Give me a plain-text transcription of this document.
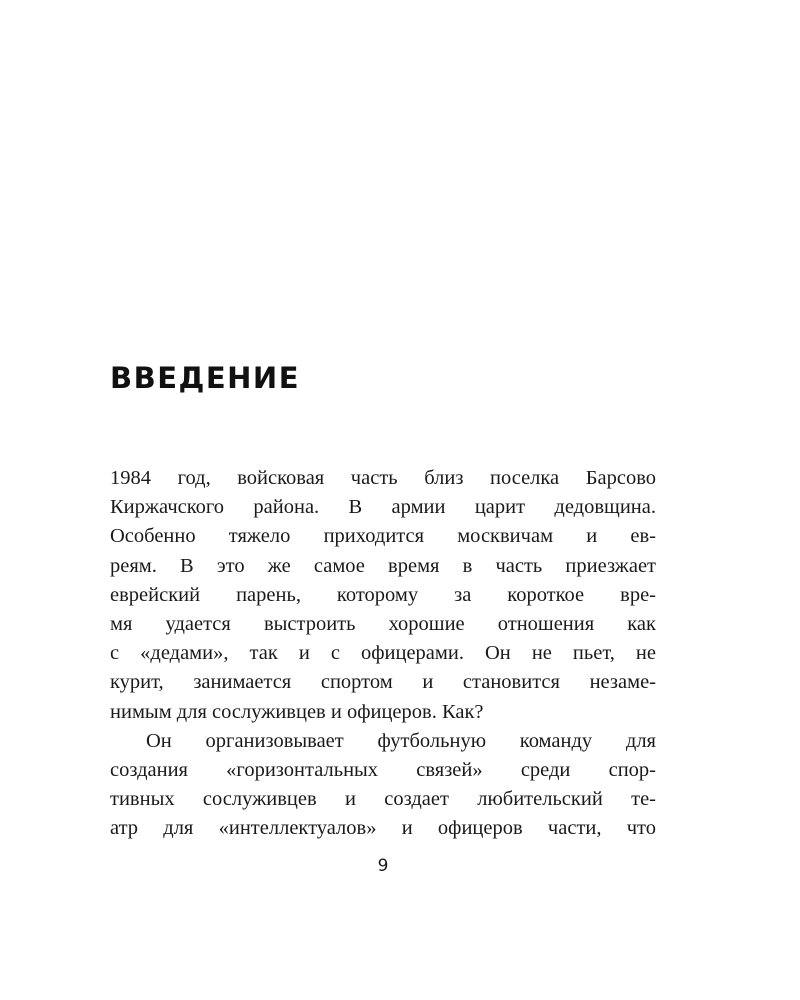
ВВЕДЕНИЕ
1984 год, войсковая часть близ поселка Барсово
Киржачского района. В армии царит дедовщина.
Особенно тяжело приходится москвичам и ев-
реям. В это же самое время в часть приезжает
еврейский парень, которому за короткое вре-
мя удается выстроить хорошие отношения как
с «дедами», так и с офицерами. Он не пьет, не
курит, занимается спортом и становится незаме-
нимым для сослуживцев и офицеров. Как?
Он организовывает футбольную команду для
создания «горизонтальных связей» среди спор-
тивных сослуживцев и создает любительский те-
атр для «интеллектуалов» и офицеров части, что
9
